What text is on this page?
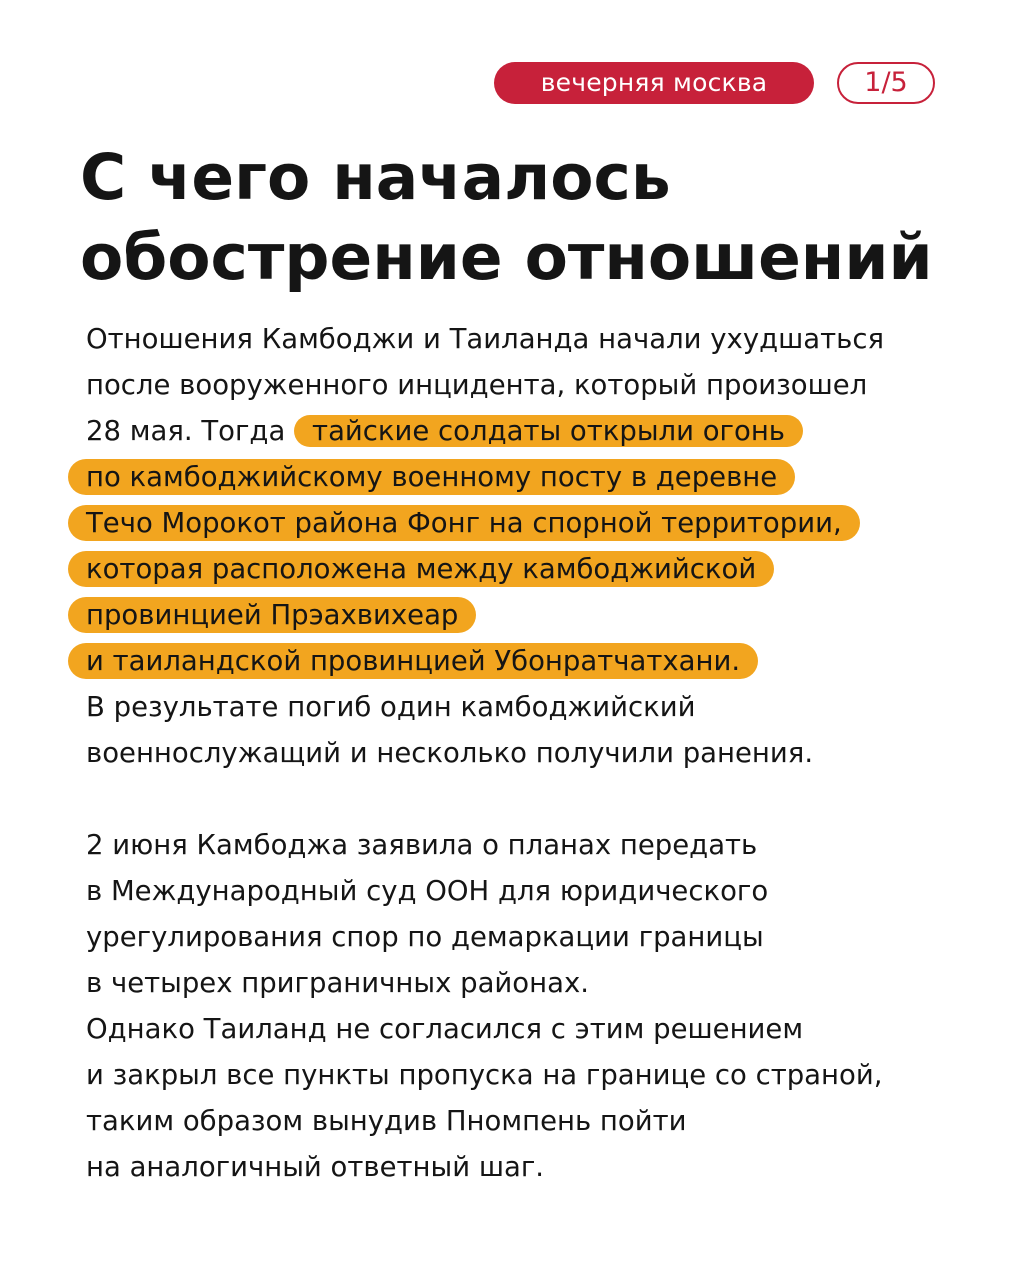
вечерняя москва	1/5
С чего началось
обострение отношений
Отношения Камбоджи и Таиланда начали ухудшаться
после вооруженного инцидента, который произошел
28 мая. Тогда тайские солдаты открыли огонь
по камбоджийскому военному посту в деревне
Течо Морокот района Фонг на спорной территории,
которая расположена между камбоджийской
провинцией Прэахвихеар
и таиландской провинцией Убонратчатхани.
В результате погиб один камбоджийский
военнослужащий и несколько получили ранения.
2 июня Камбоджа заявила о планах передать
в Международный суд ООН для юридического
урегулирования спор по демаркации границы
в четырех приграничных районах.
Однако Таиланд не согласился с этим решением
и закрыл все пункты пропуска на границе со страной,
таким образом вынудив Пномпень пойти
на аналогичный ответный шаг.
